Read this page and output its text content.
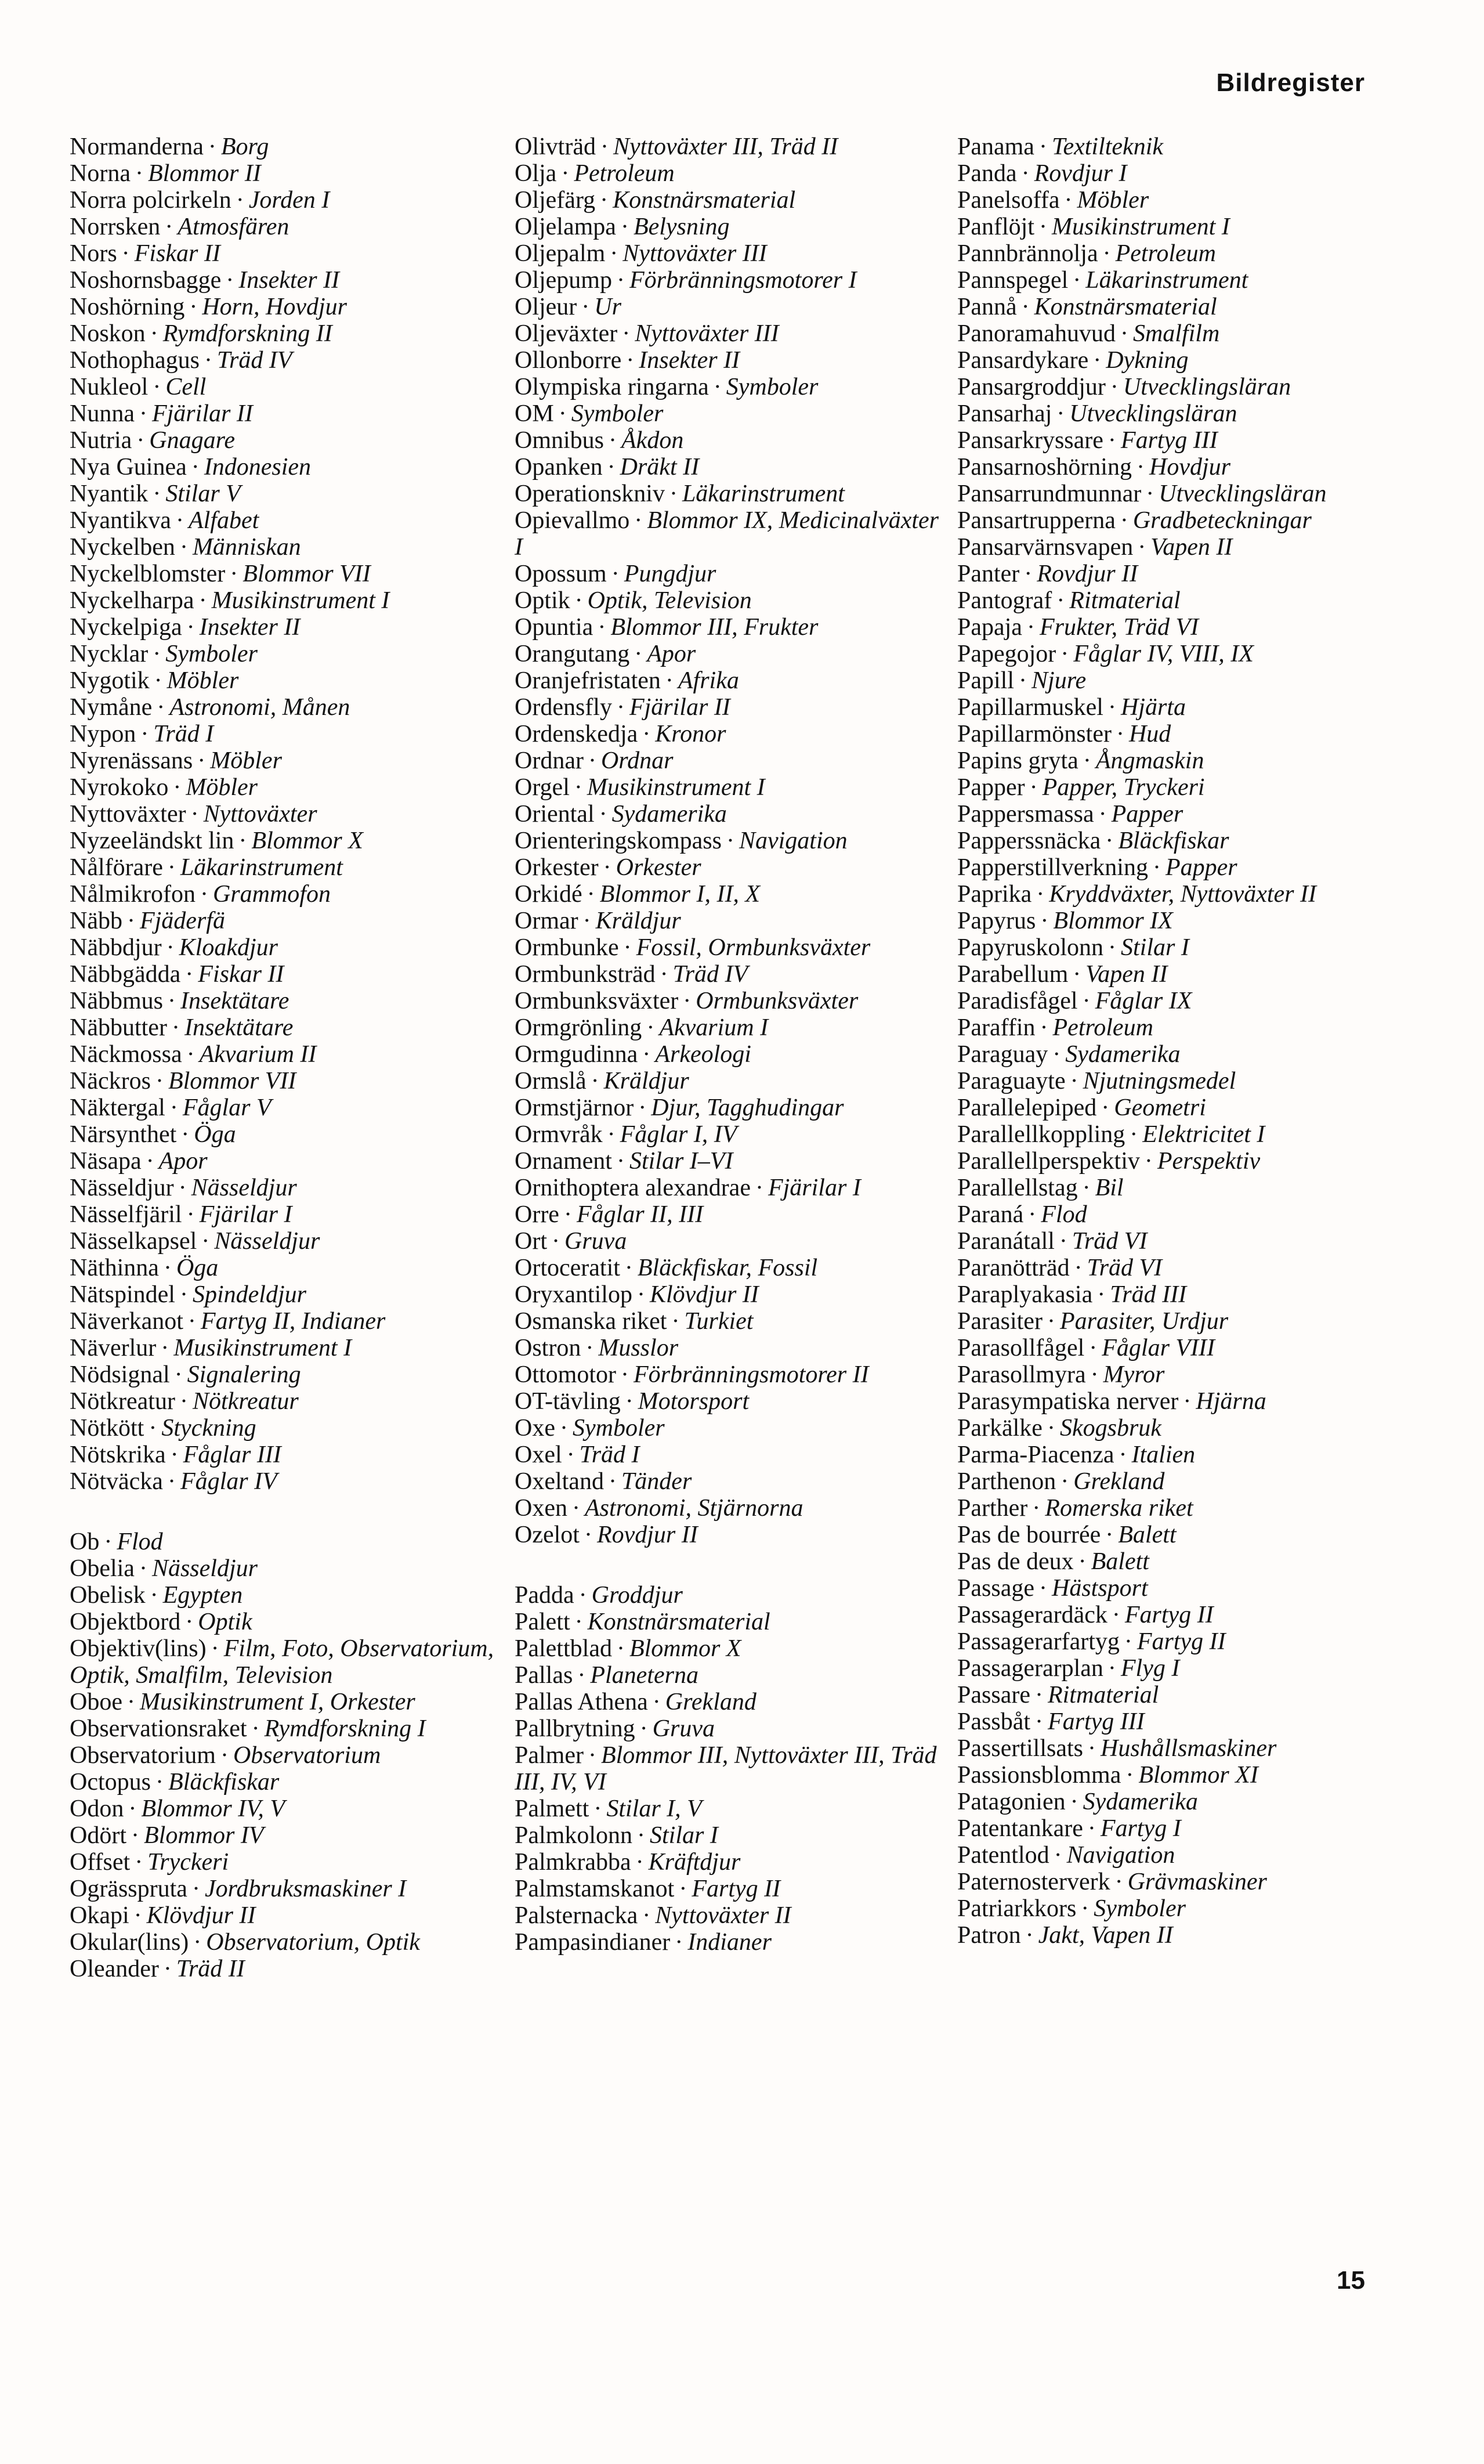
Bildregister
Normanderna · Borg
Norna · Blommor II
Norra polcirkeln · Jorden I
Norrsken · Atmosfären
Nors · Fiskar II
Noshornsbagge · Insekter II
Noshörning · Horn, Hovdjur
Noskon · Rymdforskning II
Nothophagus · Träd IV
Nukleol · Cell
Nunna · Fjärilar II
Nutria · Gnagare
Nya Guinea · Indonesien
Nyantik · Stilar V
Nyantikva · Alfabet
Nyckelben · Människan
Nyckelblomster · Blommor VII
Nyckelharpa · Musikinstrument I
Nyckelpiga · Insekter II
Nycklar · Symboler
Nygotik · Möbler
Nymåne · Astronomi, Månen
Nypon · Träd I
Nyrenässans · Möbler
Nyrokoko · Möbler
Nyttoväxter · Nyttoväxter
Nyzeeländskt lin · Blommor X
Nålförare · Läkarinstrument
Nålmikrofon · Grammofon
Näbb · Fjäderfä
Näbbdjur · Kloakdjur
Näbbgädda · Fiskar II
Näbbmus · Insektätare
Näbbutter · Insektätare
Näckmossa · Akvarium II
Näckros · Blommor VII
Näktergal · Fåglar V
Närsynthet · Öga
Näsapa · Apor
Nässeldjur · Nässeldjur
Nässelfjäril · Fjärilar I
Nässelkapsel · Nässeldjur
Näthinna · Öga
Nätspindel · Spindeldjur
Näverkanot · Fartyg II, Indianer
Näverlur · Musikinstrument I
Nödsignal · Signalering
Nötkreatur · Nötkreatur
Nötkött · Styckning
Nötskrika · Fåglar III
Nötväcka · Fåglar IV
Ob · Flod
Obelia · Nässeldjur
Obelisk · Egypten
Objektbord · Optik
Objektiv(lins) · Film, Foto, Observatorium, Optik, Smalfilm, Television
Oboe · Musikinstrument I, Orkester
Observationsraket · Rymdforskning I
Observatorium · Observatorium
Octopus · Bläckfiskar
Odon · Blommor IV, V
Odört · Blommor IV
Offset · Tryckeri
Ogrässpruta · Jordbruksmaskiner I
Okapi · Klövdjur II
Okular(lins) · Observatorium, Optik
Oleander · Träd II
Olivträd · Nyttoväxter III, Träd II
Olja · Petroleum
Oljefärg · Konstnärsmaterial
Oljelampa · Belysning
Oljepalm · Nyttoväxter III
Oljepump · Förbränningsmotorer I
Oljeur · Ur
Oljeväxter · Nyttoväxter III
Ollonborre · Insekter II
Olympiska ringarna · Symboler
OM · Symboler
Omnibus · Åkdon
Opanken · Dräkt II
Operationskniv · Läkarinstrument
Opievallmo · Blommor IX, Medicinalväxter I
Opossum · Pungdjur
Optik · Optik, Television
Opuntia · Blommor III, Frukter
Orangutang · Apor
Oranjefristaten · Afrika
Ordensfly · Fjärilar II
Ordenskedja · Kronor
Ordnar · Ordnar
Orgel · Musikinstrument I
Oriental · Sydamerika
Orienteringskompass · Navigation
Orkester · Orkester
Orkidé · Blommor I, II, X
Ormar · Kräldjur
Ormbunke · Fossil, Ormbunksväxter
Ormbunksträd · Träd IV
Ormbunksväxter · Ormbunksväxter
Ormgrönling · Akvarium I
Ormgudinna · Arkeologi
Ormslå · Kräldjur
Ormstjärnor · Djur, Tagghudingar
Ormvråk · Fåglar I, IV
Ornament · Stilar I–VI
Ornithoptera alexandrae · Fjärilar I
Orre · Fåglar II, III
Ort · Gruva
Ortoceratit · Bläckfiskar, Fossil
Oryxantilop · Klövdjur II
Osmanska riket · Turkiet
Ostron · Musslor
Ottomotor · Förbränningsmotorer II
OT-tävling · Motorsport
Oxe · Symboler
Oxel · Träd I
Oxeltand · Tänder
Oxen · Astronomi, Stjärnorna
Ozelot · Rovdjur II
Padda · Groddjur
Palett · Konstnärsmaterial
Palettblad · Blommor X
Pallas · Planeterna
Pallas Athena · Grekland
Pallbrytning · Gruva
Palmer · Blommor III, Nyttoväxter III, Träd III, IV, VI
Palmett · Stilar I, V
Palmkolonn · Stilar I
Palmkrabba · Kräftdjur
Palmstamskanot · Fartyg II
Palsternacka · Nyttoväxter II
Pampasindianer · Indianer
Panama · Textilteknik
Panda · Rovdjur I
Panelsoffa · Möbler
Panflöjt · Musikinstrument I
Pannbrännolja · Petroleum
Pannspegel · Läkarinstrument
Pannå · Konstnärsmaterial
Panoramahuvud · Smalfilm
Pansardykare · Dykning
Pansargroddjur · Utvecklingsläran
Pansarhaj · Utvecklingsläran
Pansarkryssare · Fartyg III
Pansarnoshörning · Hovdjur
Pansarrundmunnar · Utvecklingsläran
Pansartrupperna · Gradbeteckningar
Pansarvärnsvapen · Vapen II
Panter · Rovdjur II
Pantograf · Ritmaterial
Papaja · Frukter, Träd VI
Papegojor · Fåglar IV, VIII, IX
Papill · Njure
Papillarmuskel · Hjärta
Papillarmönster · Hud
Papins gryta · Ångmaskin
Papper · Papper, Tryckeri
Pappersmassa · Papper
Papperssnäcka · Bläckfiskar
Papperstillverkning · Papper
Paprika · Kryddväxter, Nyttoväxter II
Papyrus · Blommor IX
Papyruskolonn · Stilar I
Parabellum · Vapen II
Paradisfågel · Fåglar IX
Paraffin · Petroleum
Paraguay · Sydamerika
Paraguayte · Njutningsmedel
Parallelepiped · Geometri
Parallellkoppling · Elektricitet I
Parallellperspektiv · Perspektiv
Parallellstag · Bil
Paraná · Flod
Paranátall · Träd VI
Paranötträd · Träd VI
Paraplyakasia · Träd III
Parasiter · Parasiter, Urdjur
Parasollfågel · Fåglar VIII
Parasollmyra · Myror
Parasympatiska nerver · Hjärna
Parkälke · Skogsbruk
Parma-Piacenza · Italien
Parthenon · Grekland
Parther · Romerska riket
Pas de bourrée · Balett
Pas de deux · Balett
Passage · Hästsport
Passagerardäck · Fartyg II
Passagerarfartyg · Fartyg II
Passagerarplan · Flyg I
Passare · Ritmaterial
Passbåt · Fartyg III
Passertillsats · Hushållsmaskiner
Passionsblomma · Blommor XI
Patagonien · Sydamerika
Patentankare · Fartyg I
Patentlod · Navigation
Paternosterverk · Grävmaskiner
Patriarkkors · Symboler
Patron · Jakt, Vapen II
15
